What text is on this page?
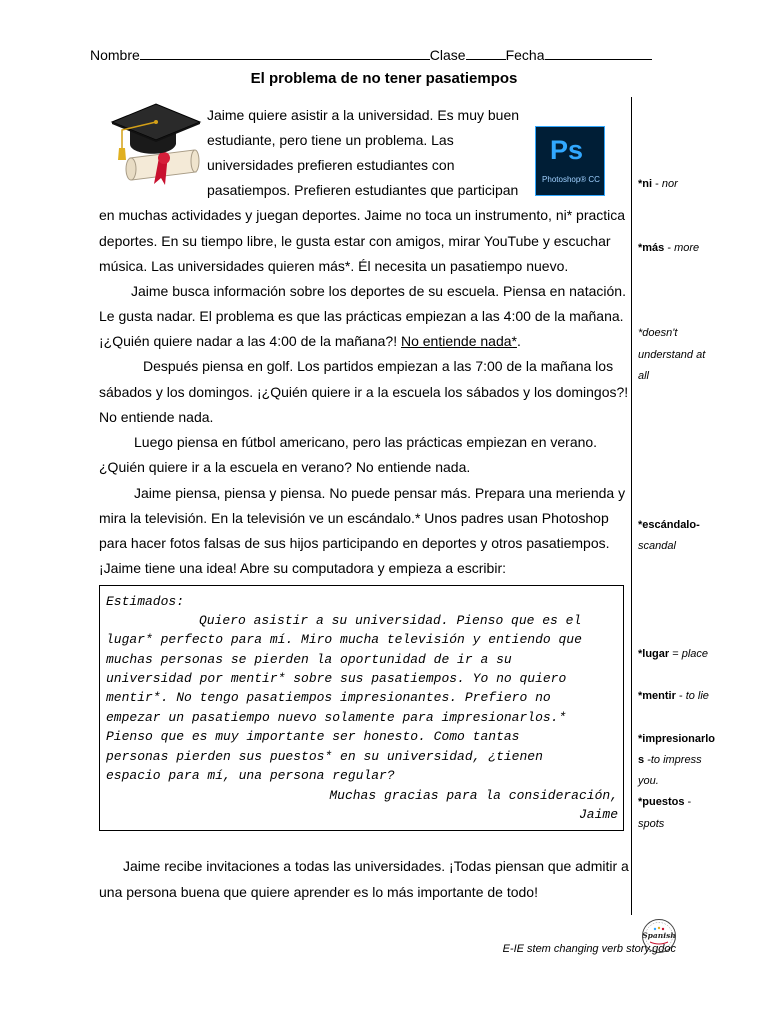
Nombre	Clase	Fecha
El problema de no tener pasatiempos
Ps
Photoshop® CC
Jaime quiere asistir a la universidad. Es muy buen
estudiante, pero tiene un problema. Las
universidades prefieren estudiantes con
pasatiempos. Prefieren estudiantes que participan
en muchas actividades y juegan deportes. Jaime no toca un instrumento, ni* practica
deportes. En su tiempo libre, le gusta estar con amigos, mirar YouTube y escuchar
música. Las universidades quieren más*. Él necesita un pasatiempo nuevo.
Jaime busca información sobre los deportes de su escuela. Piensa en natación.
Le gusta nadar. El problema es que las prácticas empiezan a las 4:00 de la mañana.
¡¿Quién quiere nadar a las 4:00 de la mañana?! No entiende nada*.
Después piensa en golf. Los partidos empiezan a las 7:00 de la mañana los
sábados y los domingos. ¡¿Quién quiere ir a la escuela los sábados y los domingos?!
No entiende nada.
Luego piensa en fútbol americano, pero las prácticas empiezan en verano.
¿Quién quiere ir a la escuela en verano? No entiende nada.
Jaime piensa, piensa y piensa. No puede pensar más. Prepara una merienda y
mira la televisión. En la televisión ve un escándalo.* Unos padres usan Photoshop
para hacer fotos falsas de sus hijos participando en deportes y otros pasatiempos.
¡Jaime tiene una idea! Abre su computadora y empieza a escribir:
Estimados:
Quiero asistir a su universidad. Pienso que es el
lugar* perfecto para mí. Miro mucha televisión y entiendo que
muchas personas se pierden la oportunidad de ir a su
universidad por mentir* sobre sus pasatiempos. Yo no quiero
mentir*. No tengo pasatiempos impresionantes. Prefiero no
empezar un pasatiempo nuevo solamente para impresionarlos.*
Pienso que es muy importante ser honesto. Como tantas
personas pierden sus puestos* en su universidad, ¿tienen
espacio para mí, una persona regular?
Muchas gracias para la consideración,
Jaime
Jaime recibe invitaciones a todas las universidades. ¡Todas piensan que admitir a
una persona buena que quiere aprender es lo más importante de todo!
*ni - nor
*más - more
*doesn't
understand at
all
*escándalo-
scandal
*lugar = place
*mentir - to lie
*impresionarlo
s -to impress
you.
*puestos -
spots
Spanish
E-IE stem changing verb story.gdoc
